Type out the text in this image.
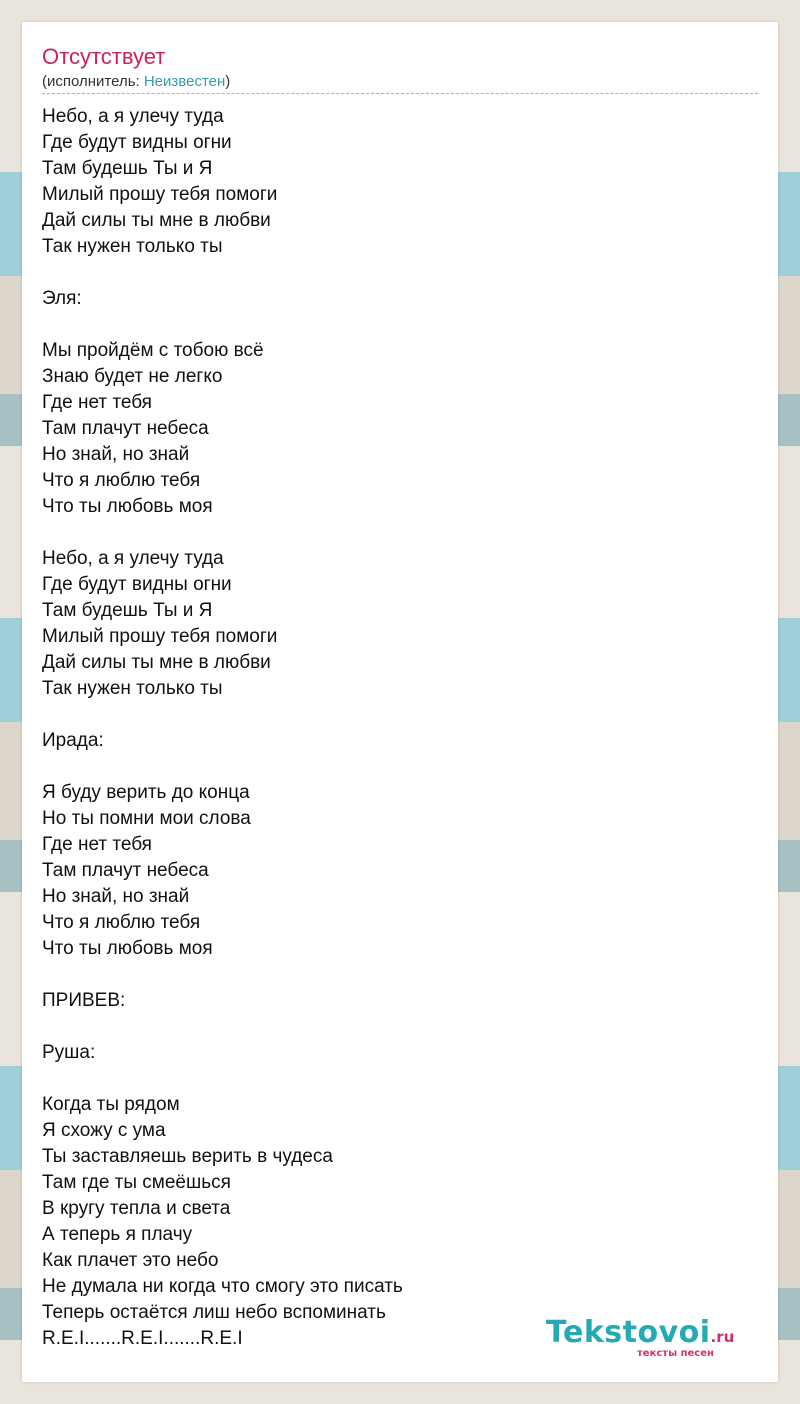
Отсутствует
(исполнитель: Неизвестен)
Небо, а я улечу туда
Где будут видны огни
Там будешь Ты и Я
Милый прошу тебя помоги
Дай силы ты мне в любви
Так нужен только ты
Эля:
Мы пройдём с тобою всё
Знаю будет не легко
Где нет тебя
Там плачут небеса
Но знай, но знай
Что я люблю тебя
Что ты любовь моя
Небо, а я улечу туда
Где будут видны огни
Там будешь Ты и Я
Милый прошу тебя помоги
Дай силы ты мне в любви
Так нужен только ты
Ирада:
Я буду верить до конца
Но ты помни мои слова
Где нет тебя
Там плачут небеса
Но знай, но знай
Что я люблю тебя
Что ты любовь моя
ПРИВЕВ:
Руша:
Когда ты рядом
Я схожу с ума
Ты заставляешь верить в чудеса
Там где ты смеёшься
В кругу тепла и света
А теперь я плачу
Как плачет это небо
Не думала ни когда что смогу это писать
Теперь остаётся лиш небо вспоминать
R.E.I.......R.E.I.......R.E.I	Tekstovoi.ru
тексты песен
